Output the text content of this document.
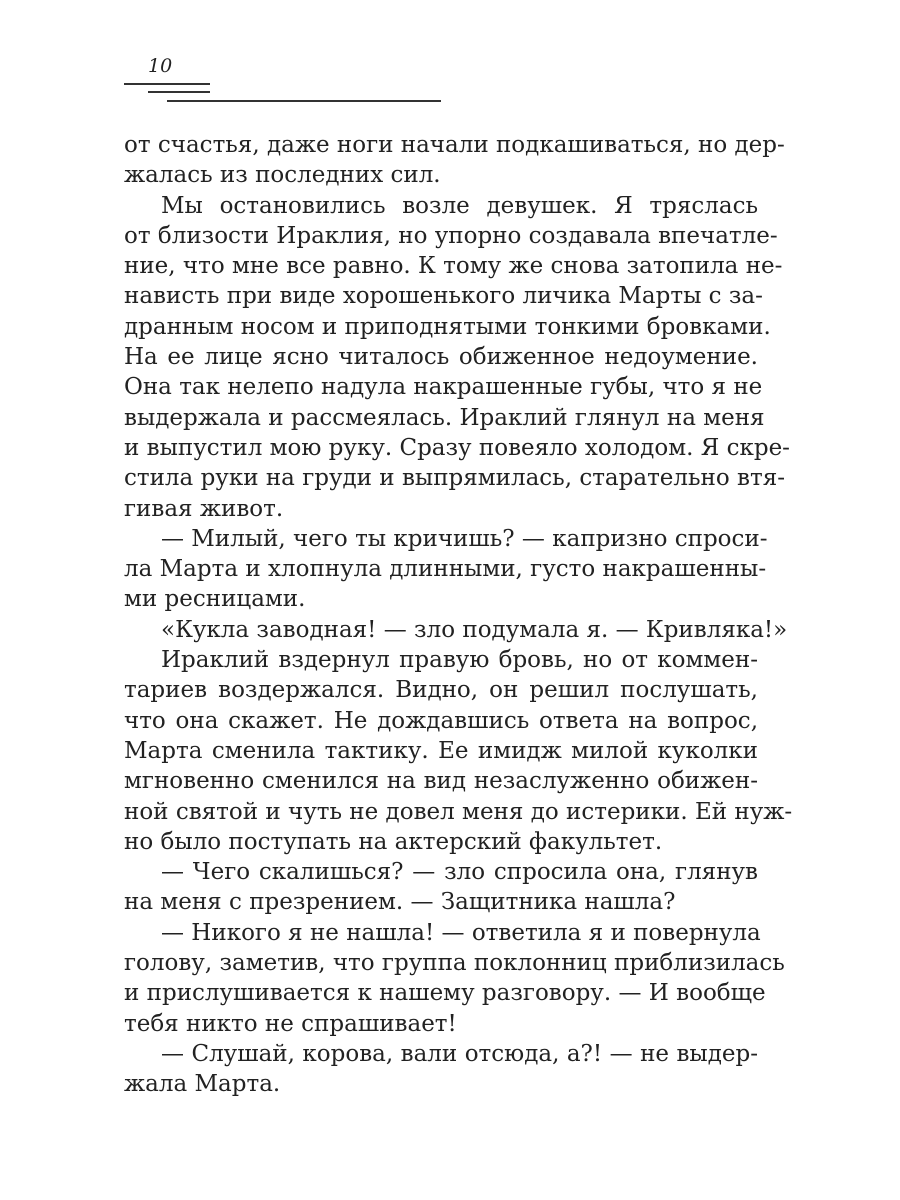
10
от счастья, даже ноги начали подкашиваться, но дер-
жалась из последних сил.
Мы остановились возле девушек. Я тряслась
от близости Ираклия, но упорно создавала впечатле-
ние, что мне все равно. К тому же снова затопила не-
нависть при виде хорошенького личика Марты с за-
дранным носом и приподнятыми тонкими бровками.
На ее лице ясно читалось обиженное недоумение.
Она так нелепо надула накрашенные губы, что я не
выдержала и рассмеялась. Ираклий глянул на меня
и выпустил мою руку. Сразу повеяло холодом. Я скре-
стила руки на груди и выпрямилась, старательно втя-
гивая живот.
— Милый, чего ты кричишь? — капризно спроси-
ла Марта и хлопнула длинными, густо накрашенны-
ми ресницами.
«Кукла заводная! — зло подумала я. — Кривляка!»
Ираклий вздернул правую бровь, но от коммен-
тариев воздержался. Видно, он решил послушать,
что она скажет. Не дождавшись ответа на вопрос,
Марта сменила тактику. Ее имидж милой куколки
мгновенно сменился на вид незаслуженно обижен-
ной святой и чуть не довел меня до истерики. Ей нуж-
но было поступать на актерский факультет.
— Чего скалишься? — зло спросила она, глянув
на меня с презрением. — Защитника нашла?
— Никого я не нашла! — ответила я и повернула
голову, заметив, что группа поклонниц приблизилась
и прислушивается к нашему разговору. — И вообще
тебя никто не спрашивает!
— Слушай, корова, вали отсюда, а?! — не выдер-
жала Марта.
